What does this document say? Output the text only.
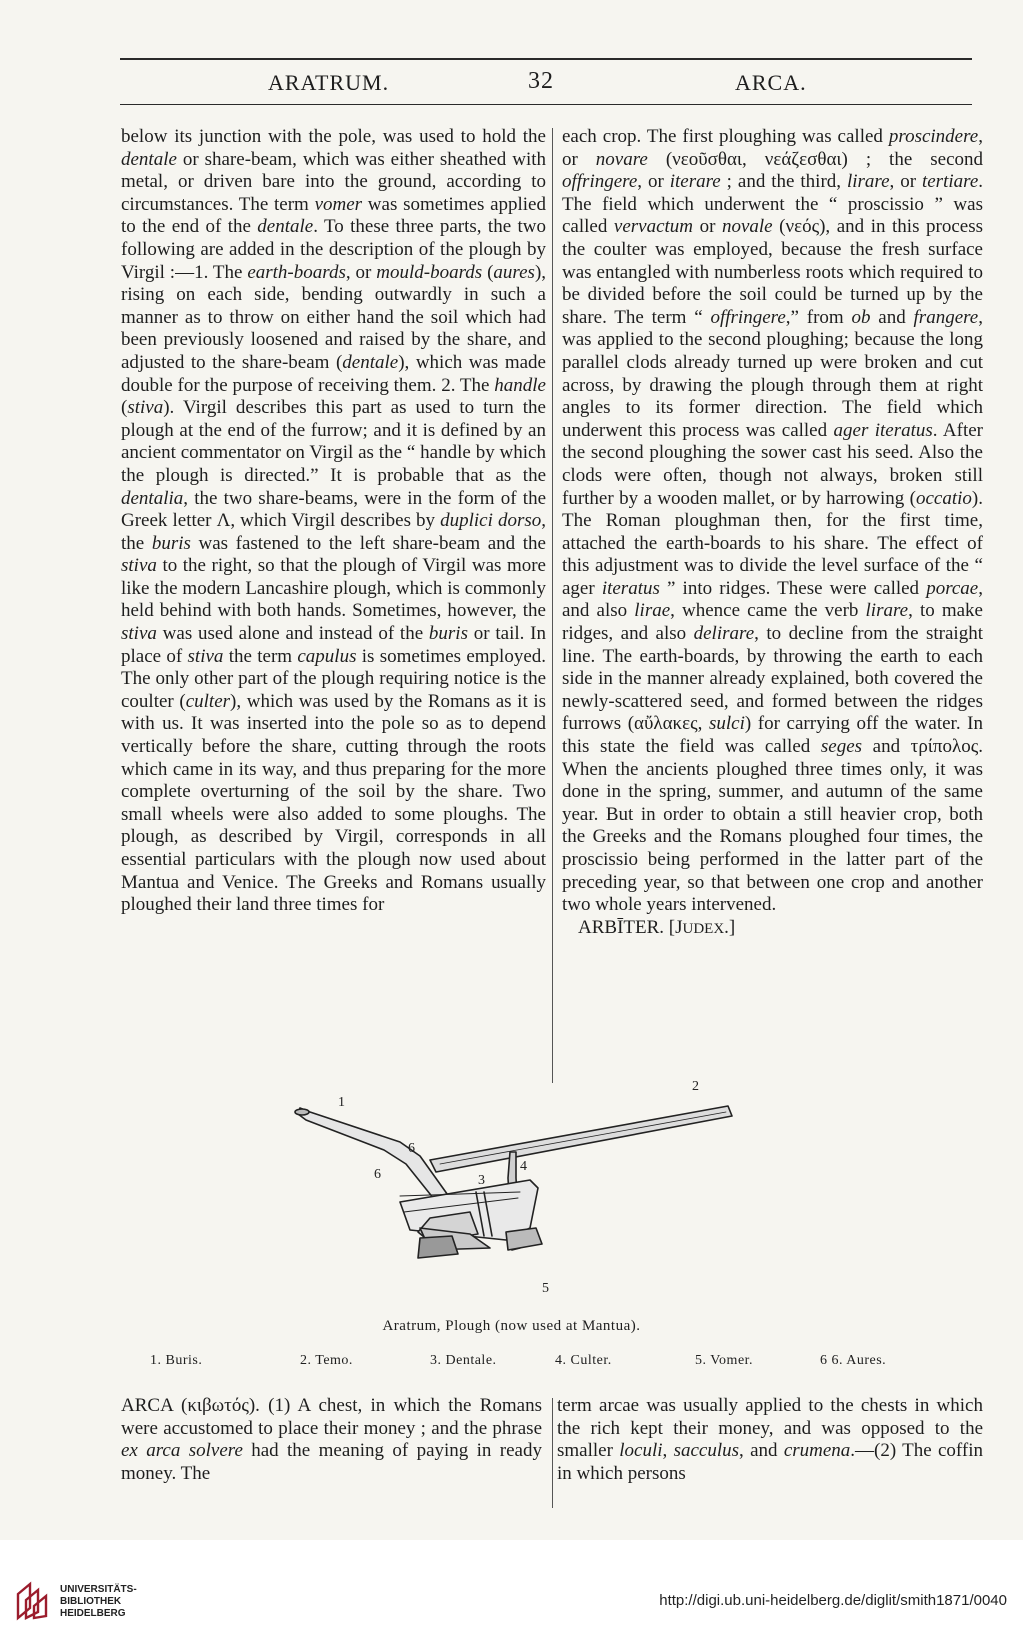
ARATRUM.	32	ARCA.

below its junction with the pole, was used to hold the dentale or share-beam, which was either sheathed with metal, or driven bare into the ground, according to circumstances. The term vomer was sometimes applied to the end of the dentale. To these three parts, the two following are added in the description of the plough by Virgil :—1. The earth-boards, or mould-boards (aures), rising on each side, bending outwardly in such a manner as to throw on either hand the soil which had been previously loosened and raised by the share, and adjusted to the share-beam (dentale), which was made double for the purpose of receiving them. 2. The handle (stiva). Virgil describes this part as used to turn the plough at the end of the furrow; and it is defined by an ancient commentator on Virgil as the “ handle by which the plough is directed.” It is probable that as the dentalia, the two share-beams, were in the form of the Greek letter Λ, which Virgil describes by duplici dorso, the buris was fastened to the left share-beam and the stiva to the right, so that the plough of Virgil was more like the modern Lancashire plough, which is commonly held behind with both hands. Sometimes, however, the stiva was used alone and instead of the buris or tail. In place of stiva the term capulus is sometimes employed. The only other part of the plough requiring notice is the coulter (culter), which was used by the Romans as it is with us. It was inserted into the pole so as to depend vertically before the share, cutting through the roots which came in its way, and thus preparing for the more complete overturning of the soil by the share. Two small wheels were also added to some ploughs. The plough, as described by Virgil, corresponds in all essential particulars with the plough now used about Mantua and Venice. The Greeks and Romans usually ploughed their land three times for

each crop. The first ploughing was called proscindere, or novare (νεοῦσθαι, νεάζεσθαι) ; the second offringere, or iterare ; and the third, lirare, or tertiare. The field which underwent the “ proscissio ” was called vervactum or novale (νεός), and in this process the coulter was employed, because the fresh surface was entangled with numberless roots which required to be divided before the soil could be turned up by the share. The term “ offringere,” from ob and frangere, was applied to the second ploughing; because the long parallel clods already turned up were broken and cut across, by drawing the plough through them at right angles to its former direction. The field which underwent this process was called ager iteratus. After the second ploughing the sower cast his seed. Also the clods were often, though not always, broken still further by a wooden mallet, or by harrowing (occatio). The Roman ploughman then, for the first time, attached the earth-boards to his share. The effect of this adjustment was to divide the level surface of the “ ager iteratus ” into ridges. These were called porcae, and also lirae, whence came the verb lirare, to make ridges, and also delirare, to decline from the straight line. The earth-boards, by throwing the earth to each side in the manner already explained, both covered the newly-scattered seed, and formed between the ridges furrows (αὔλακες, sulci) for carrying off the water. In this state the field was called seges and τρίπολος. When the ancients ploughed three times only, it was done in the spring, summer, and autumn of the same year. But in order to obtain a still heavier crop, both the Greeks and the Romans ploughed four times, the proscissio being performed in the latter part of the preceding year, so that between one crop and another two whole years intervened.

ARBĪTER. [JUDEX.]

1
2
3
4
5
6
6
Aratrum, Plough (now used at Mantua).
1. Buris.	2. Temo.	3. Dentale.	4. Culter.	5. Vomer.	6 6. Aures.

ARCA (κιβωτός). (1) A chest, in which the Romans were accustomed to place their money ; and the phrase ex arca solvere had the meaning of paying in ready money. The

term arcae was usually applied to the chests in which the rich kept their money, and was opposed to the smaller loculi, sacculus, and crumena.—(2) The coffin in which persons

UNIVERSITÄTS-
BIBLIOTHEK
HEIDELBERG
http://digi.ub.uni-heidelberg.de/diglit/smith1871/0040
